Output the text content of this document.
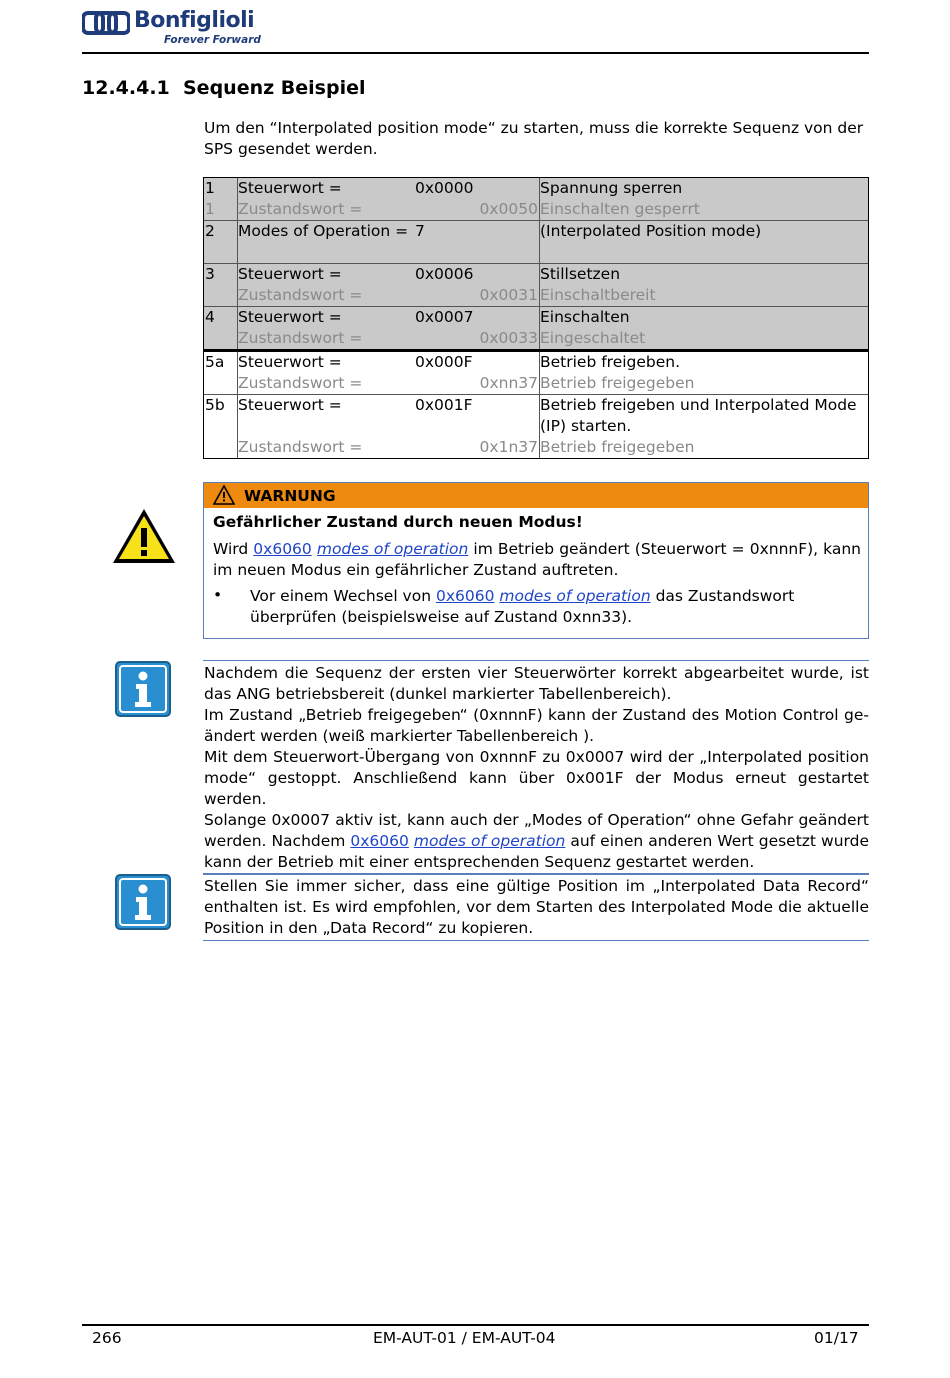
Bonfiglioli
Forever Forward
12.4.4.1 Sequenz Beispiel
Um den “Interpolated position mode“ zu starten, muss die korrekte Sequenz von der SPS gesendet werden.
1 Steuerwort =	0x0000	Spannung sperren
1 Zustandswort =	0x0050 Einschalten gesperrt
2 Modes of Operation = 7	(Interpolated Position mode)
3 Steuerwort =	0x0006	Stillsetzen
Zustandswort =	0x0031 Einschaltbereit
4 Steuerwort =	0x0007	Einschalten
Zustandswort =	0x0033 Eingeschaltet
5a Steuerwort =	0x000F	Betrieb freigeben.
Zustandswort =	0xnn37 Betrieb freigegeben
5b Steuerwort =	0x001F	Betrieb freigeben und Interpolated Mode
(IP) starten.
Zustandswort =	0x1n37 Betrieb freigegeben
WARNUNG
Gefährlicher Zustand durch neuen Modus!
Wird 0x6060 modes of operation im Betrieb geändert (Steuerwort = 0xnnnF), kann im neuen Modus ein gefährlicher Zustand auftreten.
• Vor einem Wechsel von 0x6060 modes of operation das Zustandswort überprüfen (beispielsweise auf Zustand 0xnn33).

Nachdem die Sequenz der ersten vier Steuerwörter korrekt abgearbeitet wurde, ist das ANG betriebsbereit (dunkel markierter Tabellenbereich).

Im Zustand „Betrieb freigegeben“ (0xnnnF) kann der Zustand des Motion Control geändert werden (weiß markierter Tabellenbereich ).

Mit dem Steuerwort-Übergang von 0xnnnF zu 0x0007 wird der „Interpolated position mode“ gestoppt. Anschließend kann über 0x001F der Modus erneut gestartet werden.

Solange 0x0007 aktiv ist, kann auch der „Modes of Operation“ ohne Gefahr geändert werden. Nachdem 0x6060 modes of operation auf einen anderen Wert gesetzt wurde kann der Betrieb mit einer entsprechenden Sequenz gestartet werden.

Stellen Sie immer sicher, dass eine gültige Position im „Interpolated Data Record“ enthalten ist. Es wird empfohlen, vor dem Starten des Interpolated Mode die aktuelle Position in den „Data Record“ zu kopieren.

266	EM-AUT-01 / EM-AUT-04	01/17
